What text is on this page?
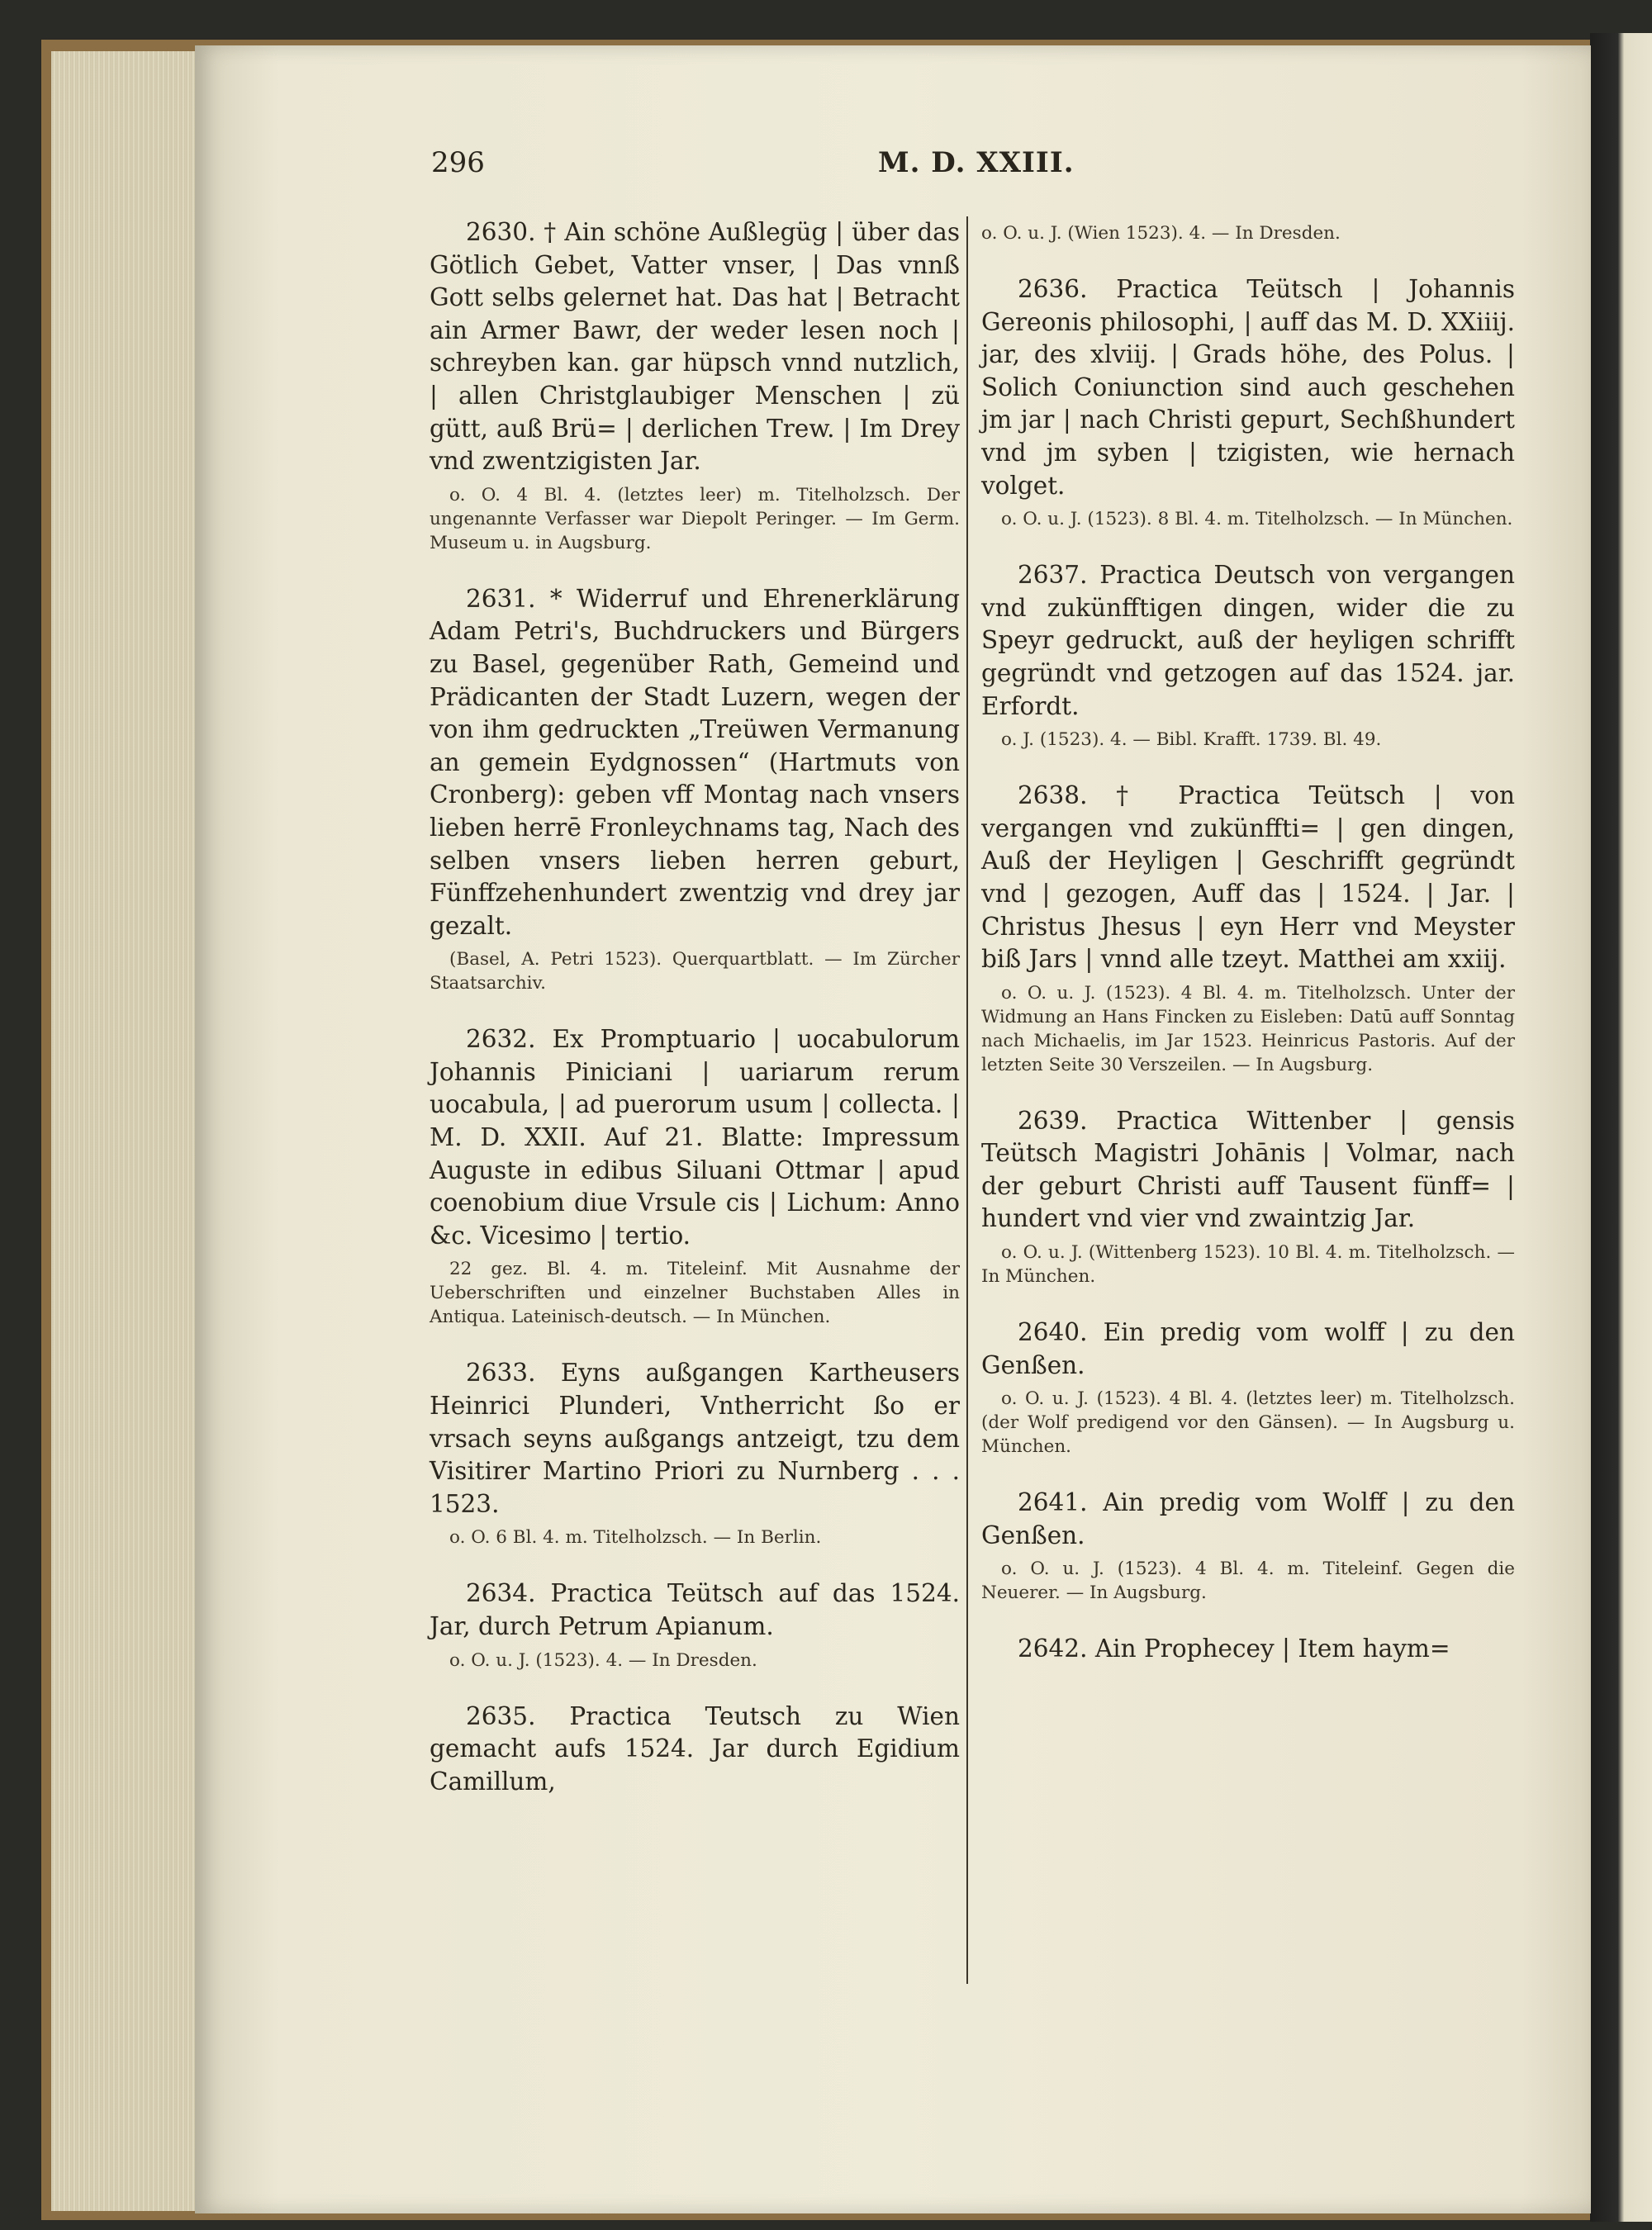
296	M. D. XXIII.

2630. † Ain schöne Außlegüg | über das Götlich Gebet, Vatter vnser, | Das vnnß Gott selbs gelernet hat. Das hat | Betracht ain Armer Bawr, der weder lesen noch | schreyben kan. gar hüpsch vnnd nutzlich, | allen Christglaubiger Menschen | zü gütt, auß Brü= | derlichen Trew. | Im Drey vnd zwentzigisten Jar.

o. O. 4 Bl. 4. (letztes leer) m. Titelholzsch. Der ungenannte Verfasser war Diepolt Peringer. — Im Germ. Museum u. in Augsburg.

2631. * Widerruf und Ehrenerklärung Adam Petri's, Buchdruckers und Bürgers zu Basel, gegenüber Rath, Gemeind und Prädicanten der Stadt Luzern, wegen der von ihm gedruckten „Treüwen Vermanung an gemein Eydgnossen“ (Hartmuts von Cronberg): geben vff Montag nach vnsers lieben herrē Fronleychnams tag, Nach des selben vnsers lieben herren geburt, Fünffzehenhundert zwentzig vnd drey jar gezalt.

(Basel, A. Petri 1523). Querquartblatt. — Im Zürcher Staatsarchiv.

2632. Ex Promptuario | uocabulorum Johannis Piniciani | uariarum rerum uocabula, | ad puerorum usum | collecta. | M. D. XXII. Auf 21. Blatte: Impressum Auguste in edibus Siluani Ottmar | apud coenobium diue Vrsule cis | Lichum: Anno &c. Vicesimo | tertio.

22 gez. Bl. 4. m. Titeleinf. Mit Ausnahme der Ueberschriften und einzelner Buchstaben Alles in Antiqua. Lateinisch-deutsch. — In München.

2633. Eyns außgangen Kartheusers Heinrici Plunderi, Vntherricht ßo er vrsach seyns außgangs antzeigt, tzu dem Visitirer Martino Priori zu Nurnberg . . . 1523.

o. O. 6 Bl. 4. m. Titelholzsch. — In Berlin.

2634. Practica Teütsch auf das 1524. Jar, durch Petrum Apianum.

o. O. u. J. (1523). 4. — In Dresden.

2635. Practica Teutsch zu Wien gemacht aufs 1524. Jar durch Egidium Camillum,

o. O. u. J. (Wien 1523). 4. — In Dresden.

2636. Practica Teütsch | Johannis Gereonis philosophi, | auff das M. D. XXiiij. jar, des xlviij. | Grads höhe, des Polus. | Solich Coniunction sind auch geschehen jm jar | nach Christi gepurt, Sechßhundert vnd jm syben | tzigisten, wie hernach volget.

o. O. u. J. (1523). 8 Bl. 4. m. Titelholzsch. — In München.

2637. Practica Deutsch von vergangen vnd zukünfftigen dingen, wider die zu Speyr gedruckt, auß der heyligen schrifft gegründt vnd getzogen auf das 1524. jar. Erfordt.

o. J. (1523). 4. — Bibl. Krafft. 1739. Bl. 49.

2638. † Practica Teütsch | von vergangen vnd zukünffti= | gen dingen, Auß der Heyligen | Geschrifft gegründt vnd | gezogen, Auff das | 1524. | Jar. | Christus Jhesus | eyn Herr vnd Meyster biß Jars | vnnd alle tzeyt. Matthei am xxiij.

o. O. u. J. (1523). 4 Bl. 4. m. Titelholzsch. Unter der Widmung an Hans Fincken zu Eisleben: Datū auff Sonntag nach Michaelis, im Jar 1523. Heinricus Pastoris. Auf der letzten Seite 30 Verszeilen. — In Augsburg.

2639. Practica Wittenber | gensis Teütsch Magistri Johānis | Volmar, nach der geburt Christi auff Tausent fünff= | hundert vnd vier vnd zwaintzig Jar.

o. O. u. J. (Wittenberg 1523). 10 Bl. 4. m. Titelholzsch. — In München.

2640. Ein predig vom wolff | zu den Genßen.

o. O. u. J. (1523). 4 Bl. 4. (letztes leer) m. Titelholzsch. (der Wolf predigend vor den Gänsen). — In Augsburg u. München.

2641. Ain predig vom Wolff | zu den Genßen.

o. O. u. J. (1523). 4 Bl. 4. m. Titeleinf. Gegen die Neuerer. — In Augsburg.

2642. Ain Prophecey | Item haym=
